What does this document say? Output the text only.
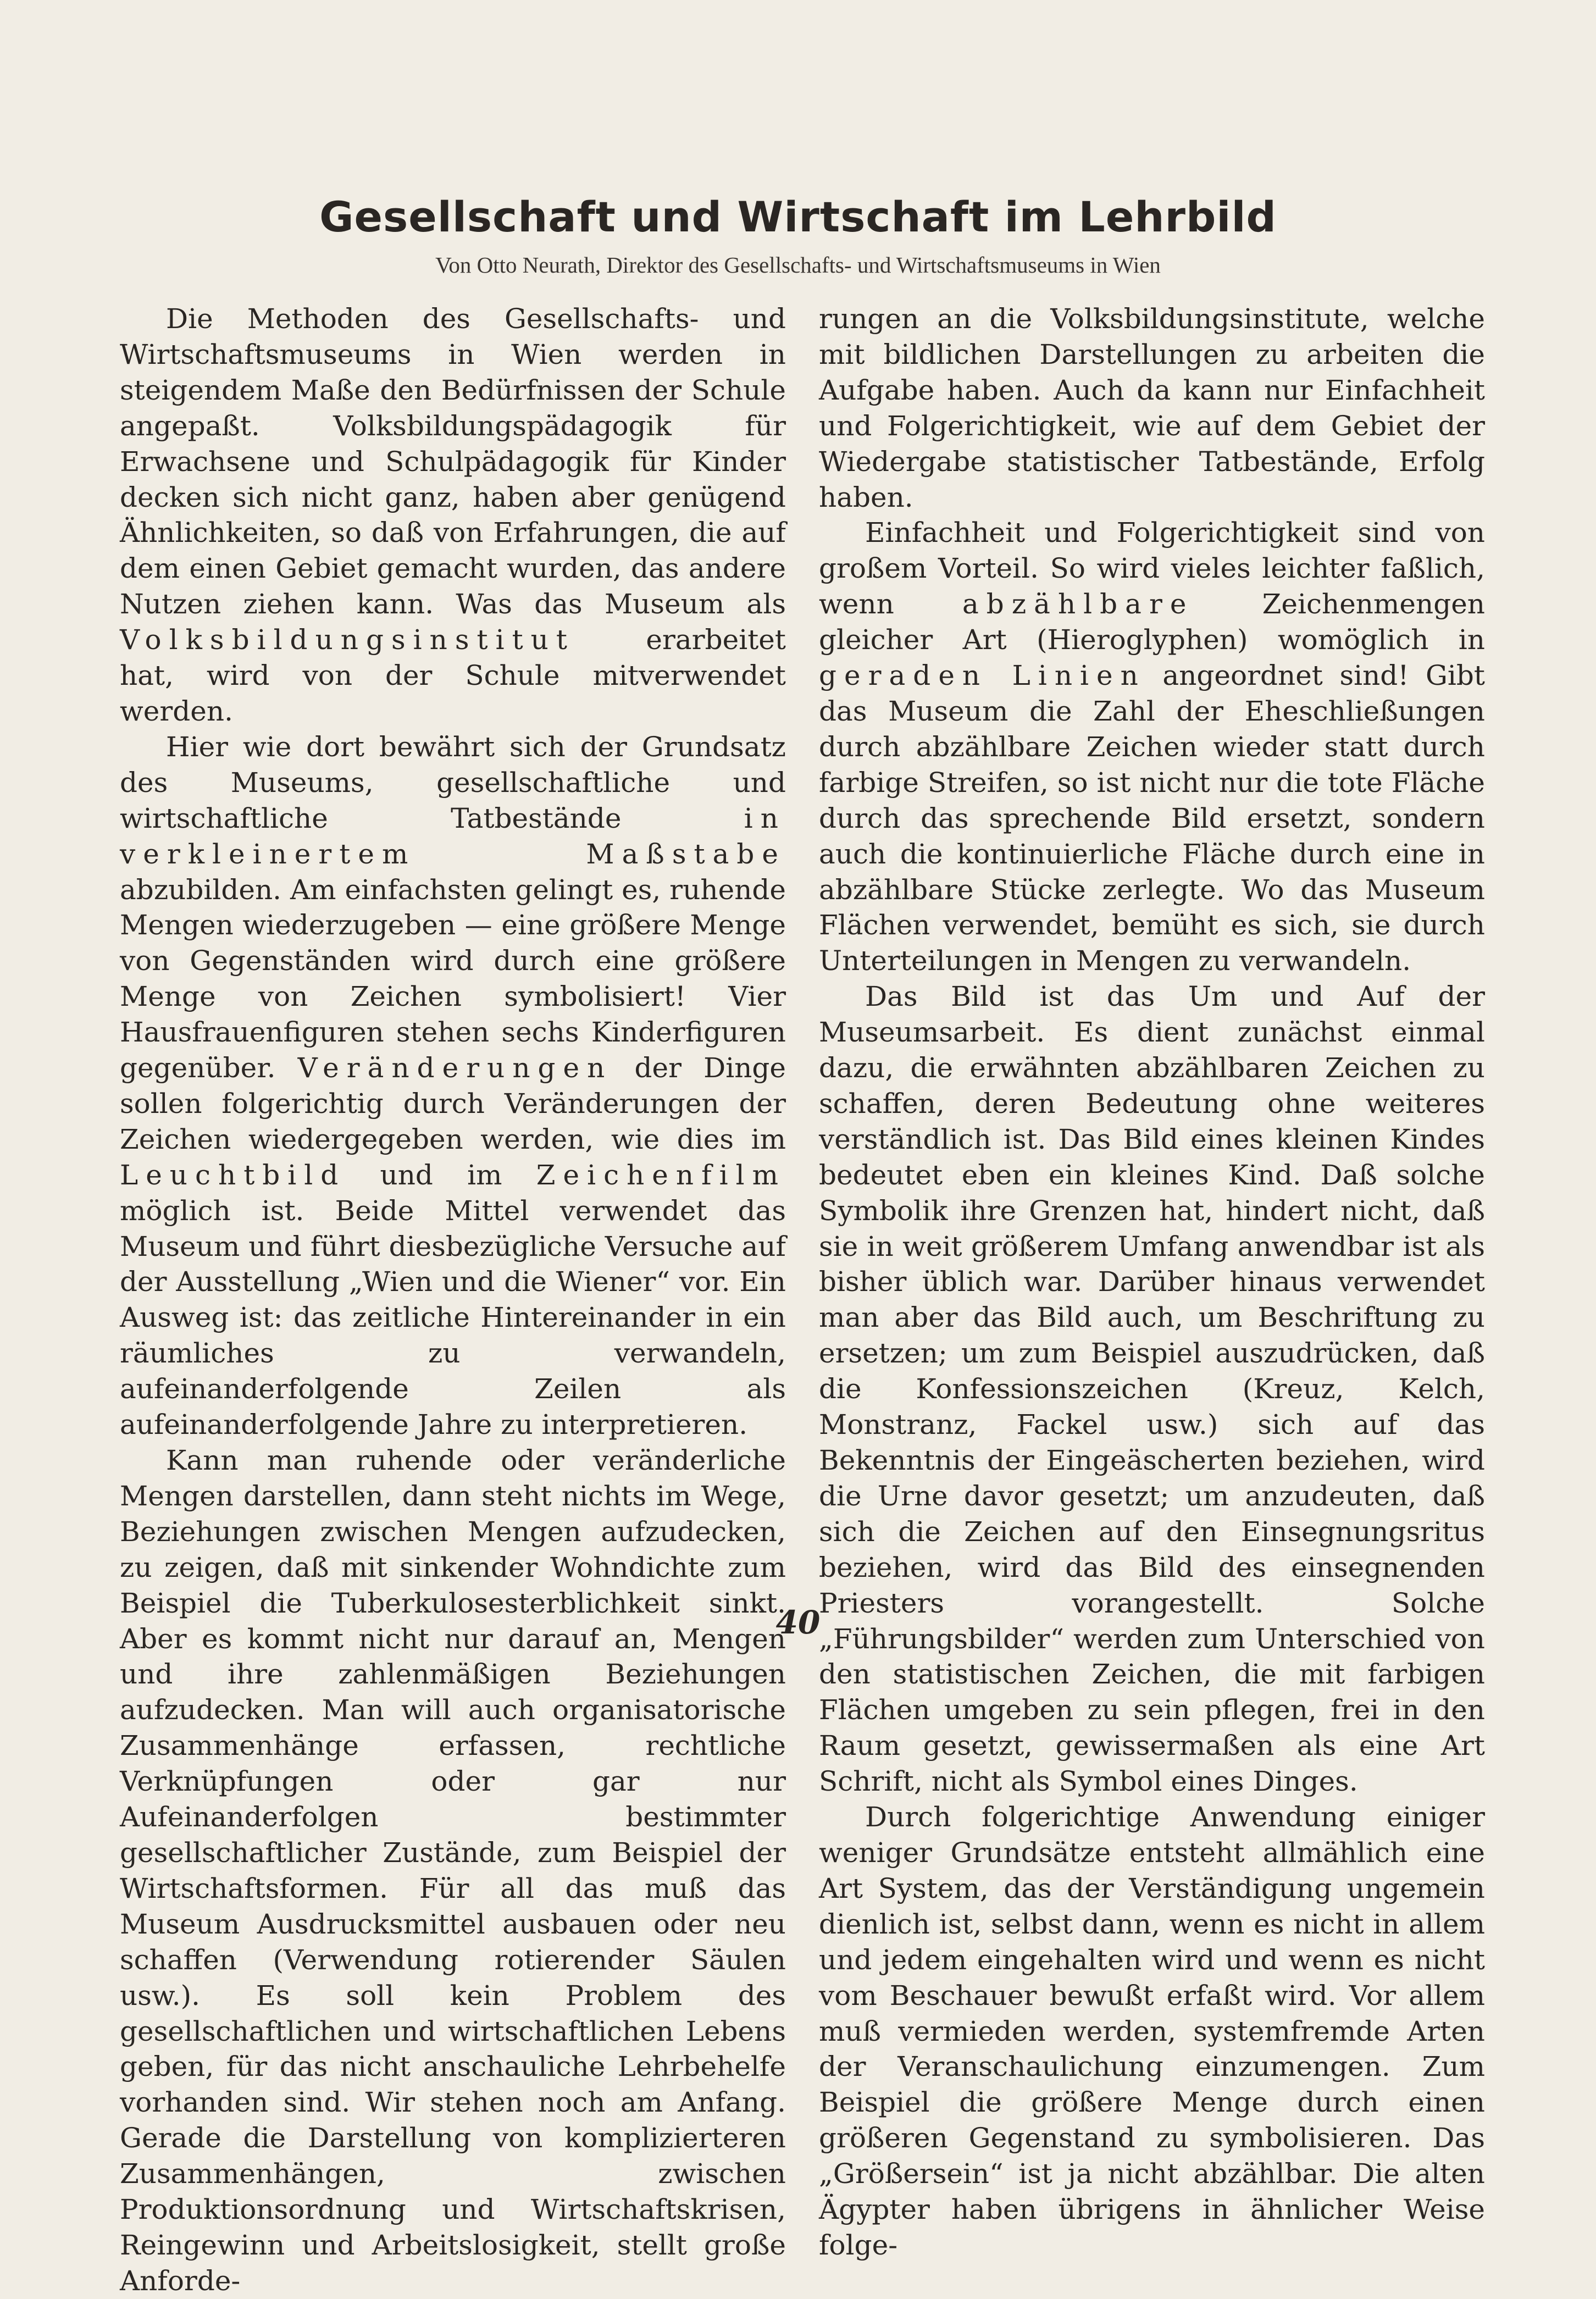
Gesellschaft und Wirtschaft im Lehrbild
Von Otto Neurath, Direktor des Gesellschafts- und Wirtschaftsmuseums in Wien

Die Methoden des Gesellschafts- und Wirtschaftsmuseums in Wien werden in steigendem Maße den Bedürfnissen der Schule angepaßt. Volksbildungspädagogik für Erwachsene und Schulpädagogik für Kinder decken sich nicht ganz, haben aber genügend Ähnlichkeiten, so daß von Erfahrungen, die auf dem einen Gebiet gemacht wurden, das andere Nutzen ziehen kann. Was das Museum als Volksbildungsinstitut erarbeitet hat, wird von der Schule mitverwendet werden.

Hier wie dort bewährt sich der Grundsatz des Museums, gesellschaftliche und wirtschaftliche Tatbestände in verkleinertem Maßstabe abzubilden. Am einfachsten gelingt es, ruhende Mengen wiederzugeben — eine größere Menge von Gegenständen wird durch eine größere Menge von Zeichen symbolisiert! Vier Hausfrauenfiguren stehen sechs Kinderfiguren gegenüber. Veränderungen der Dinge sollen folgerichtig durch Veränderungen der Zeichen wiedergegeben werden, wie dies im Leuchtbild und im Zeichenfilm möglich ist. Beide Mittel verwendet das Museum und führt diesbezügliche Versuche auf der Ausstellung „Wien und die Wiener“ vor. Ein Ausweg ist: das zeitliche Hintereinander in ein räumliches zu verwandeln, aufeinanderfolgende Zeilen als aufeinanderfolgende Jahre zu interpretieren.

Kann man ruhende oder veränderliche Mengen darstellen, dann steht nichts im Wege, Beziehungen zwischen Mengen aufzudecken, zu zeigen, daß mit sinkender Wohndichte zum Beispiel die Tuberkulosesterblichkeit sinkt. Aber es kommt nicht nur darauf an, Mengen und ihre zahlenmäßigen Beziehungen aufzudecken. Man will auch organisatorische Zusammenhänge erfassen, rechtliche Verknüpfungen oder gar nur Aufeinanderfolgen bestimmter gesellschaftlicher Zustände, zum Beispiel der Wirtschaftsformen. Für all das muß das Museum Ausdrucksmittel ausbauen oder neu schaffen (Verwendung rotierender Säulen usw.). Es soll kein Problem des gesellschaftlichen und wirtschaftlichen Lebens geben, für das nicht anschauliche Lehrbehelfe vorhanden sind. Wir stehen noch am Anfang. Gerade die Darstellung von komplizierteren Zusammenhängen, zwischen Produktionsordnung und Wirtschaftskrisen, Reingewinn und Arbeitslosigkeit, stellt große Anforde-

rungen an die Volksbildungsinstitute, welche mit bildlichen Darstellungen zu arbeiten die Aufgabe haben. Auch da kann nur Einfachheit und Folgerichtigkeit, wie auf dem Gebiet der Wiedergabe statistischer Tatbestände, Erfolg haben.

Einfachheit und Folgerichtigkeit sind von großem Vorteil. So wird vieles leichter faßlich, wenn abzählbare Zeichenmengen gleicher Art (Hieroglyphen) womöglich in geraden Linien angeordnet sind! Gibt das Museum die Zahl der Eheschließungen durch abzählbare Zeichen wieder statt durch farbige Streifen, so ist nicht nur die tote Fläche durch das sprechende Bild ersetzt, sondern auch die kontinuierliche Fläche durch eine in abzählbare Stücke zerlegte. Wo das Museum Flächen verwendet, bemüht es sich, sie durch Unterteilungen in Mengen zu verwandeln.

Das Bild ist das Um und Auf der Museumsarbeit. Es dient zunächst einmal dazu, die erwähnten abzählbaren Zeichen zu schaffen, deren Bedeutung ohne weiteres verständlich ist. Das Bild eines kleinen Kindes bedeutet eben ein kleines Kind. Daß solche Symbolik ihre Grenzen hat, hindert nicht, daß sie in weit größerem Umfang anwendbar ist als bisher üblich war. Darüber hinaus verwendet man aber das Bild auch, um Beschriftung zu ersetzen; um zum Beispiel auszudrücken, daß die Konfessionszeichen (Kreuz, Kelch, Monstranz, Fackel usw.) sich auf das Bekenntnis der Eingeäscherten beziehen, wird die Urne davor gesetzt; um anzudeuten, daß sich die Zeichen auf den Einsegnungsritus beziehen, wird das Bild des einsegnenden Priesters vorangestellt. Solche „Führungsbilder“ werden zum Unterschied von den statistischen Zeichen, die mit farbigen Flächen umgeben zu sein pflegen, frei in den Raum gesetzt, gewissermaßen als eine Art Schrift, nicht als Symbol eines Dinges.

Durch folgerichtige Anwendung einiger weniger Grundsätze entsteht allmählich eine Art System, das der Verständigung ungemein dienlich ist, selbst dann, wenn es nicht in allem und jedem eingehalten wird und wenn es nicht vom Beschauer bewußt erfaßt wird. Vor allem muß vermieden werden, systemfremde Arten der Veranschaulichung einzumengen. Zum Beispiel die größere Menge durch einen größeren Gegenstand zu symbolisieren. Das „Größersein“ ist ja nicht abzählbar. Die alten Ägypter haben übrigens in ähnlicher Weise folge-

40
